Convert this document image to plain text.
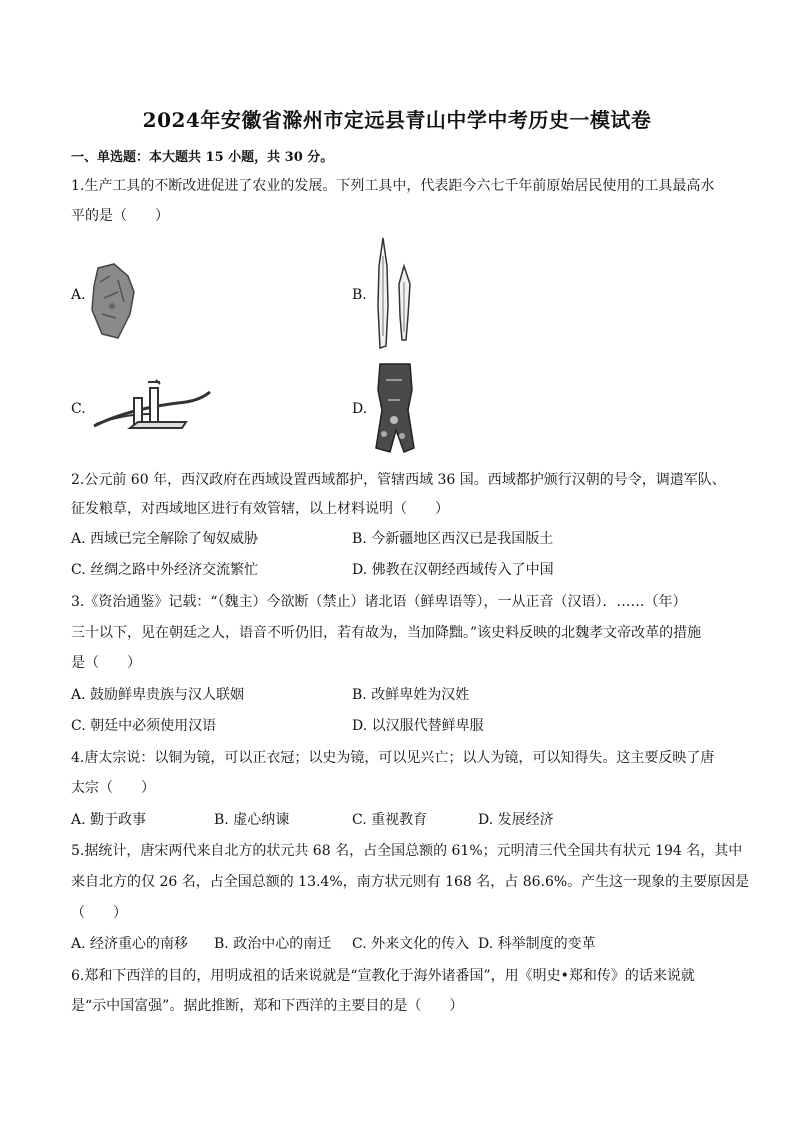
2024年安徽省滁州市定远县青山中学中考历史一模试卷
一、单选题：本大题共 15 小题，共 30 分。
1.生产工具的不断改进促进了农业的发展。下列工具中，代表距今六七千年前原始居民使用的工具最高水
平的是（　　）
A.	B.
C.	D.
2.公元前 60 年，西汉政府在西域设置西域都护，管辖西域 36 国。西域都护颁行汉朝的号令，调遣军队、
征发粮草，对西域地区进行有效管辖，以上材料说明（　　）
A. 西域已完全解除了匈奴威胁	B. 今新疆地区西汉已是我国版土
C. 丝绸之路中外经济交流繁忙	D. 佛教在汉朝经西域传入了中国
3.《资治通鉴》记载：“（魏主）今欲断（禁止）诸北语（鲜卑语等），一从正音（汉语）．……（年）
三十以下，见在朝廷之人，语音不听仍旧，若有故为，当加降黜。”该史料反映的北魏孝文帝改革的措施
是（　　）
A. 鼓励鲜卑贵族与汉人联姻	B. 改鲜卑姓为汉姓
C. 朝廷中必须使用汉语	D. 以汉服代替鲜卑服
4.唐太宗说：以铜为镜，可以正衣冠；以史为镜，可以见兴亡；以人为镜，可以知得失。这主要反映了唐
太宗（　　）
A. 勤于政事	B. 虚心纳谏	C. 重视教育	D. 发展经济
5.据统计，唐宋两代来自北方的状元共 68 名，占全国总额的 61%；元明清三代全国共有状元 194 名，其中
来自北方的仅 26 名，占全国总额的 13.4%，南方状元则有 168 名，占 86.6%。产生这一现象的主要原因是
（　　）
A. 经济重心的南移 B. 政治中心的南迁 C. 外来文化的传入 D. 科举制度的变革
6.郑和下西洋的目的，用明成祖的话来说就是“宣教化于海外诸番国”，用《明史•郑和传》的话来说就
是“示中国富强”。据此推断，郑和下西洋的主要目的是（　　）
